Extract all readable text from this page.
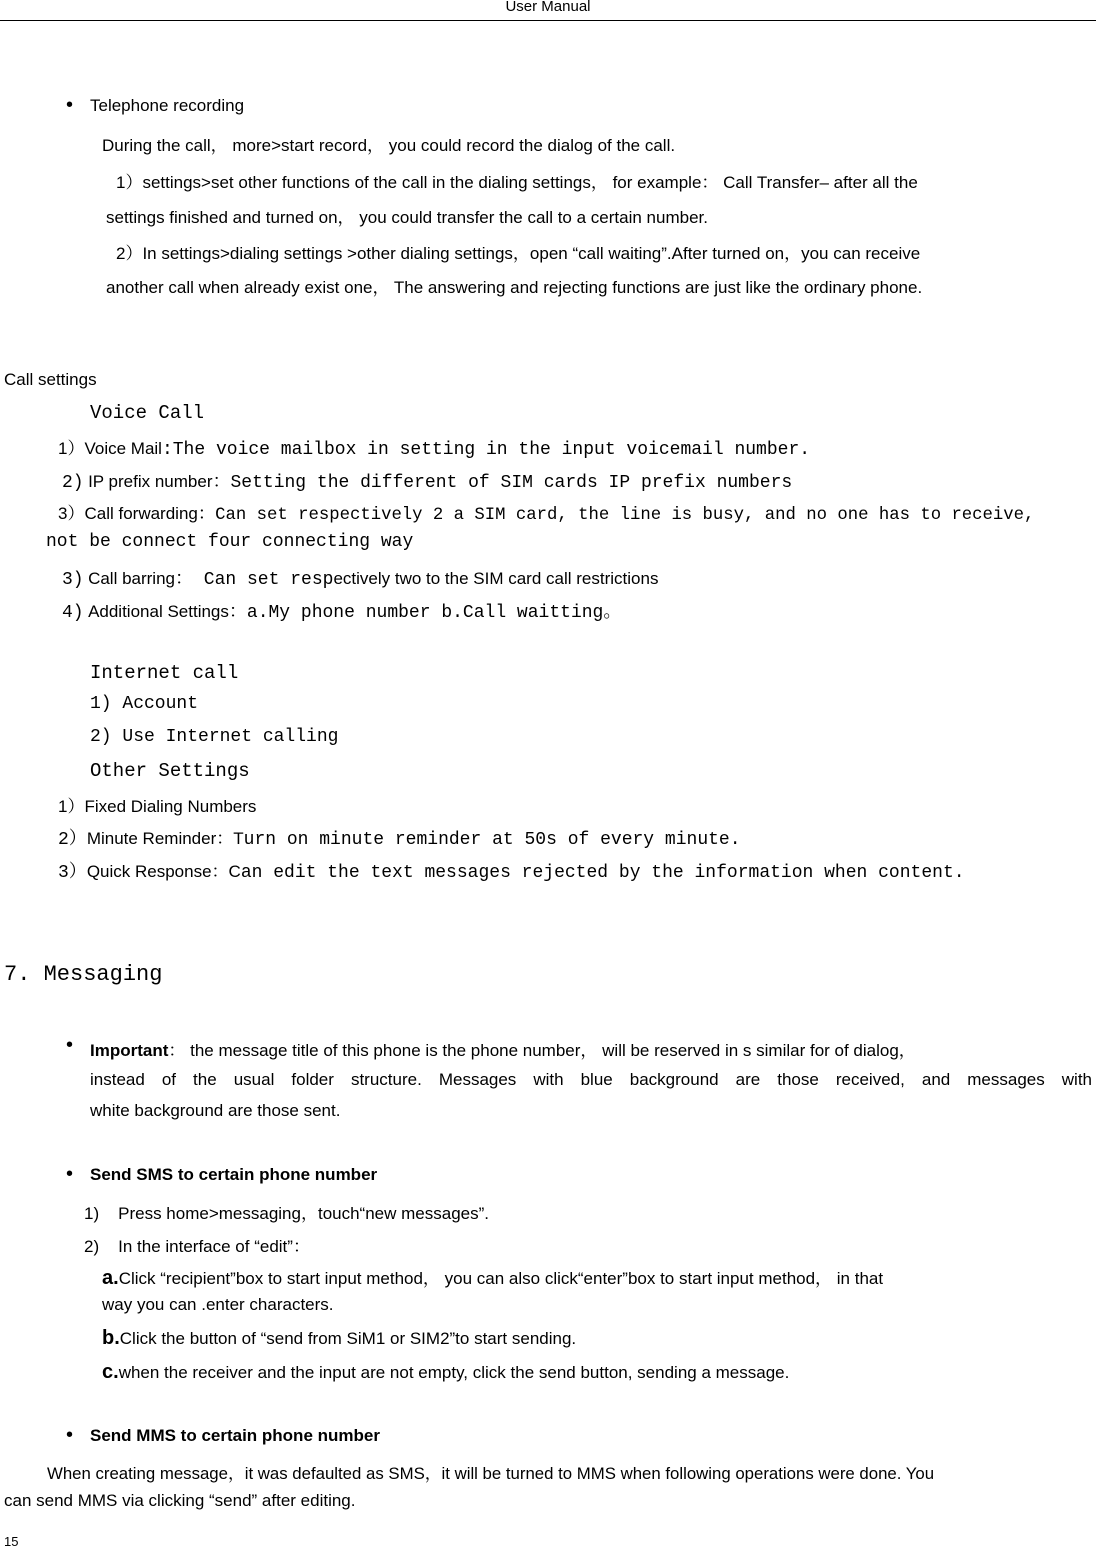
User Manual
• Telephone recording
During the call， more>start record， you could record the dialog of the call.
1）settings>set other functions of the call in the dialing settings， for example： Call Transfer– after all the
settings finished and turned on， you could transfer the call to a certain number.
2）In settings>dialing settings >other dialing settings，open “call waiting”.After turned on，you can receive
another call when already exist one， The answering and rejecting functions are just like the ordinary phone.
Call settings
Voice Call
1）Voice Mail:The voice mailbox in setting in the input voicemail number.
2) IP prefix number：Setting the different of SIM cards IP prefix numbers
3）Call forwarding：Can set respectively 2 a SIM card, the line is busy, and no one has to receive,
not be connect four connecting way
3) Call barring： Can set respectively two to the SIM card call restrictions
4) Additional Settings：a.My phone number b.Call waitting。
Internet call
1) Account
2) Use Internet calling
Other Settings
1）Fixed Dialing Numbers
2）Minute Reminder：Turn on minute reminder at 50s of every minute.
3）Quick Response：Can edit the text messages rejected by the information when content.
7. Messaging
• Important： the message title of this phone is the phone number， will be reserved in s similar for of dialog，
instead of the usual folder structure. Messages with blue background are those received, and messages with
white background are those sent.
• Send SMS to certain phone number
1) Press home>messaging，touch“new messages”.
2) In the interface of “edit”：
a.Click “recipient”box to start input method， you can also click“enter”box to start input method， in that
way you can .enter characters.
b.Click the button of “send from SiM1 or SIM2”to start sending.
c.when the receiver and the input are not empty, click the send button, sending a message.
• Send MMS to certain phone number
When creating message，it was defaulted as SMS，it will be turned to MMS when following operations were done. You
can send MMS via clicking “send” after editing.
15
